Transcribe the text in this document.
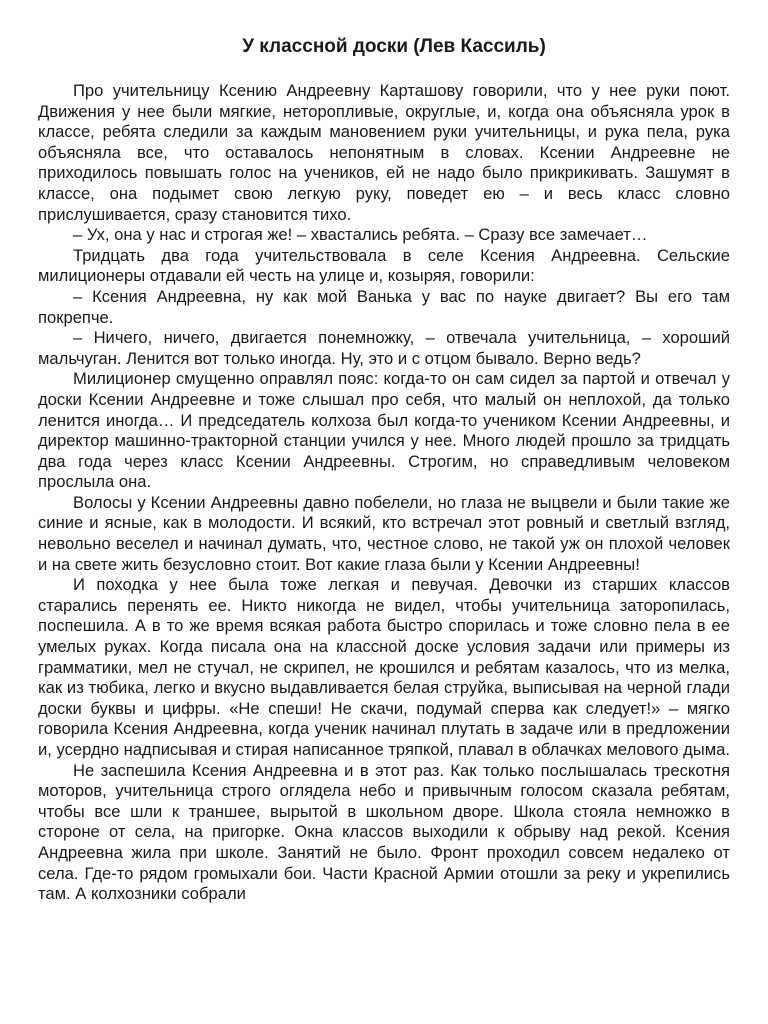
У классной доски (Лев Кассиль)

Про учительницу Ксению Андреевну Карташову говорили, что у нее руки поют. Движения у нее были мягкие, неторопливые, округлые, и, когда она объясняла урок в классе, ребята следили за каждым мановением руки учительницы, и рука пела, рука объясняла все, что оставалось непонятным в словах. Ксении Андреевне не приходилось повышать голос на учеников, ей не надо было прикрикивать. Зашумят в классе, она подымет свою легкую руку, поведет ею – и весь класс словно прислушивается, сразу становится тихо.

– Ух, она у нас и строгая же! – хвастались ребята. – Сразу все замечает…

Тридцать два года учительствовала в селе Ксения Андреевна. Сельские милиционеры отдавали ей честь на улице и, козыряя, говорили:

– Ксения Андреевна, ну как мой Ванька у вас по науке двигает? Вы его там покрепче.

– Ничего, ничего, двигается понемножку, – отвечала учительница, – хороший мальчуган. Ленится вот только иногда. Ну, это и с отцом бывало. Верно ведь?

Милиционер смущенно оправлял пояс: когда-то он сам сидел за партой и отвечал у доски Ксении Андреевне и тоже слышал про себя, что малый он неплохой, да только ленится иногда… И председатель колхоза был когда-то учеником Ксении Андреевны, и директор машинно-тракторной станции учился у нее. Много людей прошло за тридцать два года через класс Ксении Андреевны. Строгим, но справедливым человеком прослыла она.

Волосы у Ксении Андреевны давно побелели, но глаза не выцвели и были такие же синие и ясные, как в молодости. И всякий, кто встречал этот ровный и светлый взгляд, невольно веселел и начинал думать, что, честное слово, не такой уж он плохой человек и на свете жить безусловно стоит. Вот какие глаза были у Ксении Андреевны!

И походка у нее была тоже легкая и певучая. Девочки из старших классов старались перенять ее. Никто никогда не видел, чтобы учительница заторопилась, поспешила. А в то же время всякая работа быстро спорилась и тоже словно пела в ее умелых руках. Когда писала она на классной доске условия задачи или примеры из грамматики, мел не стучал, не скрипел, не крошился и ребятам казалось, что из мелка, как из тюбика, легко и вкусно выдавливается белая струйка, выписывая на черной глади доски буквы и цифры. «Не спеши! Не скачи, подумай сперва как следует!» – мягко говорила Ксения Андреевна, когда ученик начинал плутать в задаче или в предложении и, усердно надписывая и стирая написанное тряпкой, плавал в облачках мелового дыма.

Не заспешила Ксения Андреевна и в этот раз. Как только послышалась трескотня моторов, учительница строго оглядела небо и привычным голосом сказала ребятам, чтобы все шли к траншее, вырытой в школьном дворе. Школа стояла немножко в стороне от села, на пригорке. Окна классов выходили к обрыву над рекой. Ксения Андреевна жила при школе. Занятий не было. Фронт проходил совсем недалеко от села. Где-то рядом громыхали бои. Части Красной Армии отошли за реку и укрепились там. А колхозники собрали
